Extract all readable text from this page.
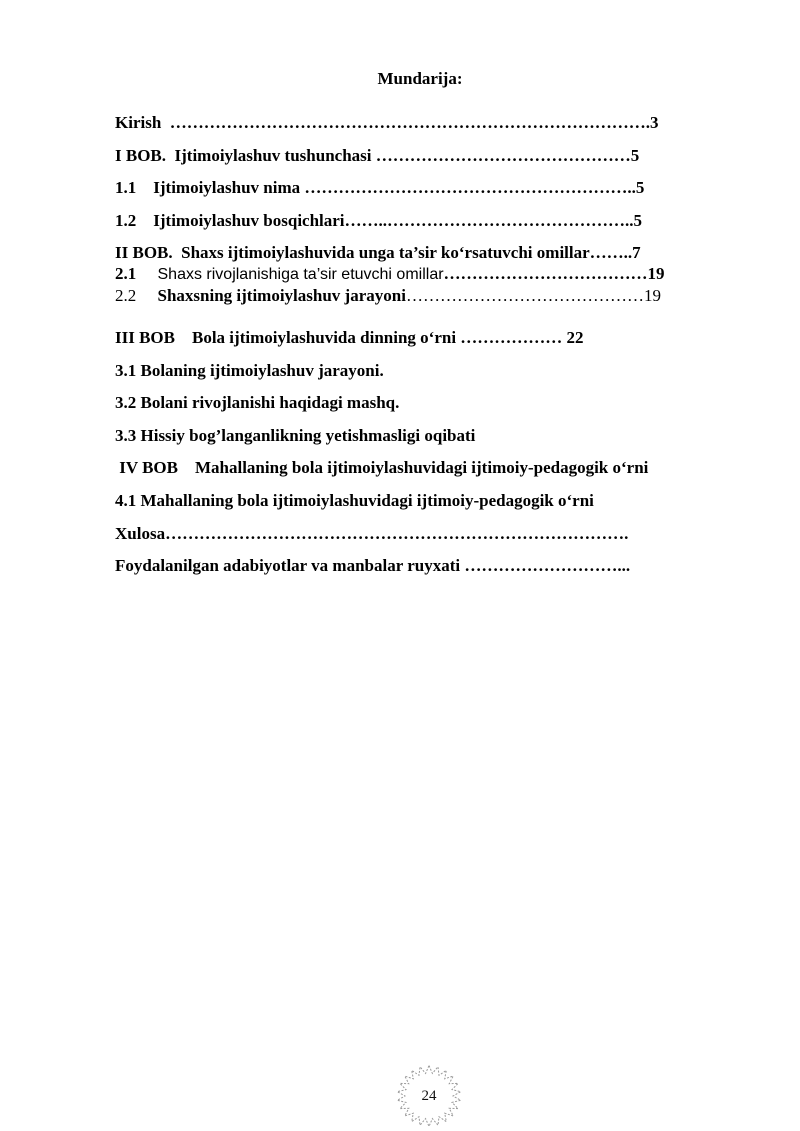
Mundarija:
Kirish  ………………………………………………………………………….3
I BOB.  Ijtimoiylashuv tushunchasi ………………………………………5
1.1    Ijtimoiylashuv nima …………………………………………………..5
1.2    Ijtimoiylashuv bosqichlari……..……………………………………..5
II BOB.  Shaxs ijtimoiylashuvida unga ta’sir ko‘rsatuvchi omillar……..7
2.1 Shaxs rivojlanishiga ta’sir etuvchi omillar………………………………19
2.2 Shaxsning ijtimoiylashuv jarayoni……………………………………19
III BOB    Bola ijtimoiylashuvida dinning o‘rni ……………… 22
3.1 Bolaning ijtimoiylashuv jarayoni.
3.2 Bolani rivojlanishi haqidagi mashq.
3.3 Hissiy bog’langanlikning yetishmasligi oqibati
IV BOB    Mahallaning bola ijtimoiylashuvidagi ijtimoiy-pedagogik o‘rni
4.1 Mahallaning bola ijtimoiylashuvidagi ijtimoiy-pedagogik o‘rni
Xulosa……………………………………………………………………….
Foydalanilgan adabiyotlar va manbalar ruyxati ………………………...
24
